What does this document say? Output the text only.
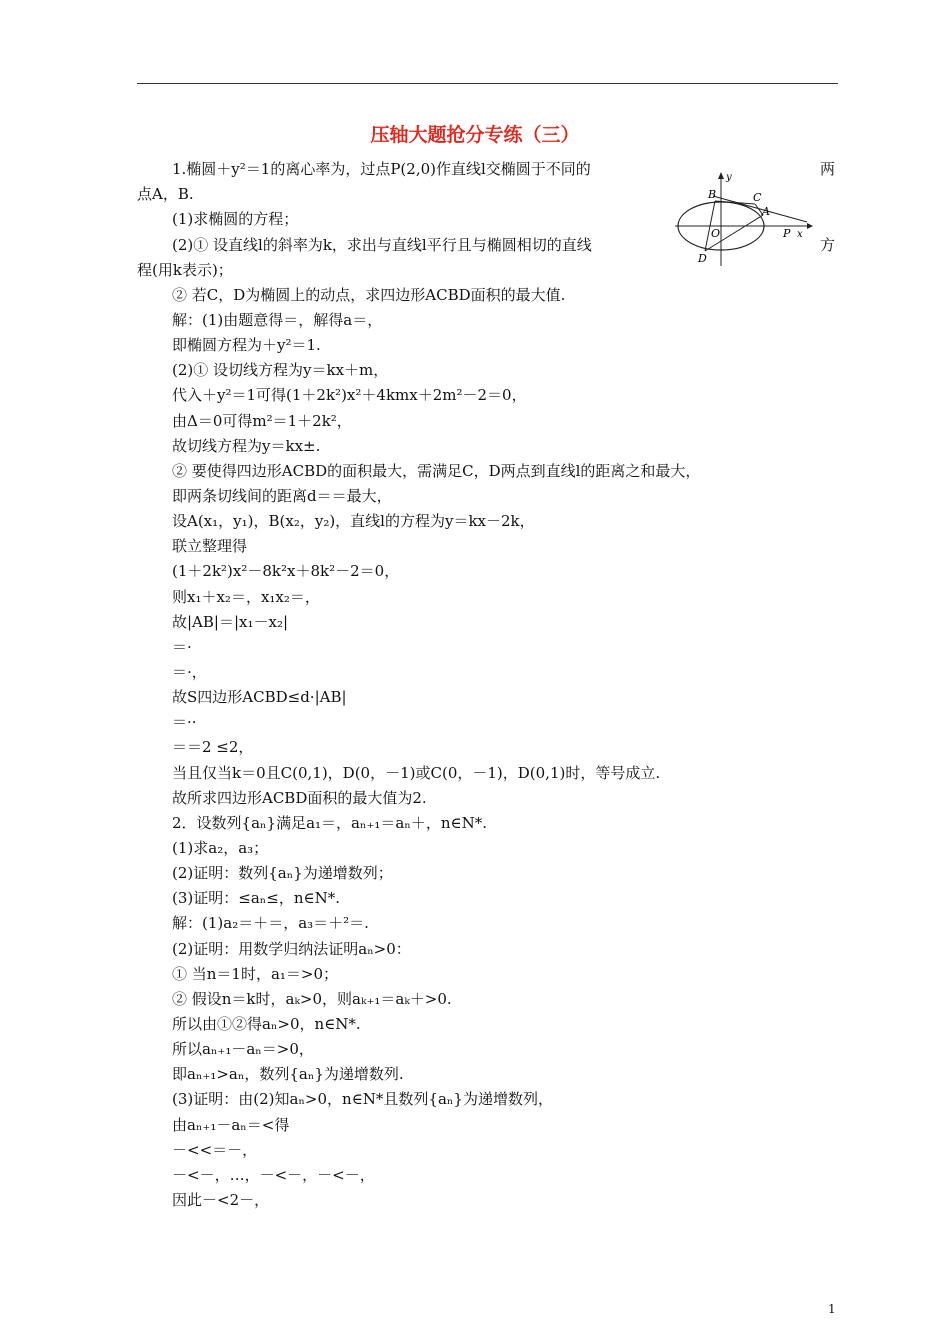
压轴大题抢分专练（三）
1.椭圆＋y²＝1的离心率为，过点P(2,0)作直线l交椭圆于不同的	两
点A，B.
(1)求椭圆的方程；
(2)① 设直线l的斜率为k，求出与直线l平行且与椭圆相切的直线	方
程(用k表示)；
② 若C，D为椭圆上的动点，求四边形ACBD面积的最大值.
y
x
B	C
A
O	P
D
解：(1)由题意得＝，解得a＝，
即椭圆方程为＋y²＝1.
(2)① 设切线方程为y＝kx＋m，
代入＋y²＝1可得(1＋2k²)x²＋4kmx＋2m²－2＝0，
由Δ＝0可得m²＝1＋2k²，
故切线方程为y＝kx±.
② 要使得四边形ACBD的面积最大，需满足C，D两点到直线l的距离之和最大，
即两条切线间的距离d＝＝最大，
设A(x₁，y₁)，B(x₂，y₂)，直线l的方程为y＝kx－2k，
联立整理得
(1＋2k²)x²－8k²x＋8k²－2＝0，
则x₁＋x₂＝，x₁x₂＝，
故|AB|＝|x₁－x₂|
＝·
＝·，
故S四边形ACBD≤d·|AB|
＝··
＝＝2 ≤2，
当且仅当k＝0且C(0,1)，D(0，－1)或C(0，－1)，D(0,1)时，等号成立.
故所求四边形ACBD面积的最大值为2.
2．设数列{aₙ}满足a₁＝，aₙ₊₁＝aₙ＋，n∈N*.
(1)求a₂，a₃；
(2)证明：数列{aₙ}为递增数列；
(3)证明：≤aₙ≤，n∈N*.
解：(1)a₂＝＋＝，a₃＝＋²＝.
(2)证明：用数学归纳法证明aₙ>0：
① 当n＝1时，a₁＝>0；
② 假设n＝k时，aₖ>0，则aₖ₊₁＝aₖ＋>0.
所以由①②得aₙ>0，n∈N*.
所以aₙ₊₁－aₙ＝>0，
即aₙ₊₁>aₙ，数列{aₙ}为递增数列.
(3)证明：由(2)知aₙ>0，n∈N*且数列{aₙ}为递增数列，
由aₙ₊₁－aₙ＝<得
－<<＝－，
－<－，…，－<－，－<－，
因此－<2－，
1
